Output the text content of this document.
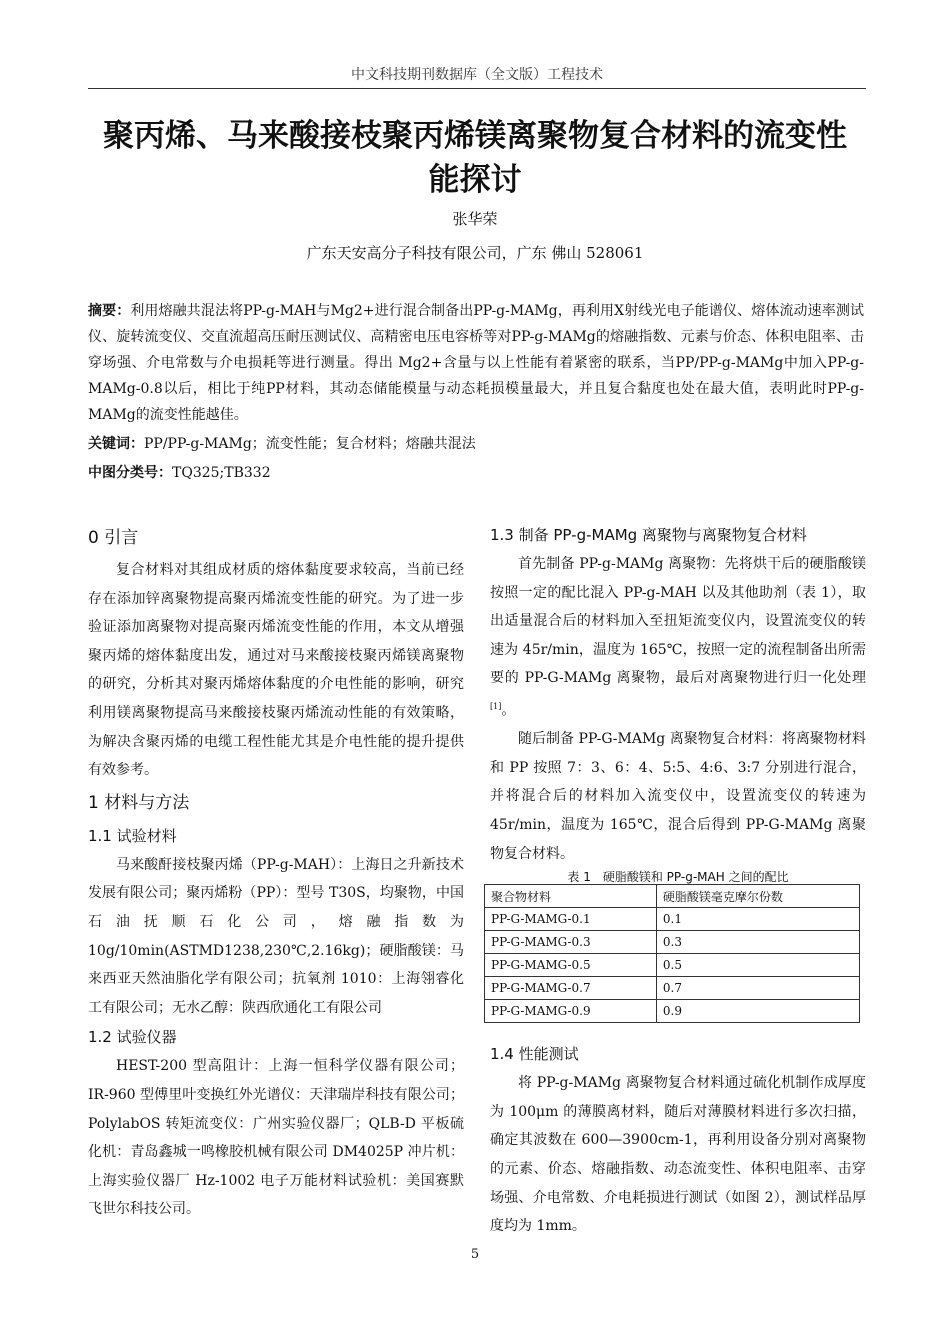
中文科技期刊数据库（全文版）工程技术
聚丙烯、马来酸接枝聚丙烯镁离聚物复合材料的流变性
能探讨
张华荣
广东天安高分子科技有限公司，广东 佛山 528061
摘要：利用熔融共混法将PP-g-MAH与Mg2+进行混合制备出PP-g-MAMg，再利用X射线光电子能谱仪、熔体流动速率测试仪、旋转流变仪、交直流超高压耐压测试仪、高精密电压电容桥等对PP-g-MAMg的熔融指数、元素与价态、体积电阻率、击穿场强、介电常数与介电损耗等进行测量。得出 Mg2+含量与以上性能有着紧密的联系，当PP/PP-g-MAMg中加入PP-g-MAMg-0.8以后，相比于纯PP材料，其动态储能模量与动态耗损模量最大，并且复合黏度也处在最大值，表明此时PP-g-MAMg的流变性能越佳。
关键词：PP/PP-g-MAMg；流变性能；复合材料；熔融共混法
中图分类号：TQ325;TB332
0 引言

复合材料对其组成材质的熔体黏度要求较高，当前已经存在添加锌离聚物提高聚丙烯流变性能的研究。为了进一步验证添加离聚物对提高聚丙烯流变性能的作用，本文从增强聚丙烯的熔体黏度出发，通过对马来酸接枝聚丙烯镁离聚物的研究，分析其对聚丙烯熔体黏度的介电性能的影响，研究利用镁离聚物提高马来酸接枝聚丙烯流动性能的有效策略，为解决含聚丙烯的电缆工程性能尤其是介电性能的提升提供有效参考。

1 材料与方法
1.1 试验材料

马来酸酐接枝聚丙烯（PP-g-MAH）：上海日之升新技术发展有限公司；聚丙烯粉（PP）：型号 T30S，均聚物，中国石油抚顺石化公司，熔融指数为10g/10min(ASTMD1238,230℃,2.16kg)；硬脂酸镁：马来西亚天然油脂化学有限公司；抗氧剂 1010：上海翎睿化工有限公司；无水乙醇：陕西欣通化工有限公司

1.2 试验仪器

HEST-200 型高阻计：上海一恒科学仪器有限公司；IR-960 型傅里叶变换红外光谱仪：天津瑞岸科技有限公司；PolylabOS 转矩流变仪：广州实验仪器厂；QLB-D 平板硫化机：青岛鑫城一鸣橡胶机械有限公司 DM4025P 冲片机：上海实验仪器厂 Hz-1002 电子万能材料试验机：美国赛默飞世尔科技公司。

1.3 制备 PP-g-MAMg 离聚物与离聚物复合材料

首先制备 PP-g-MAMg 离聚物：先将烘干后的硬脂酸镁按照一定的配比混入 PP-g-MAH 以及其他助剂（表 1），取出适量混合后的材料加入至扭矩流变仪内，设置流变仪的转速为 45r/min，温度为 165℃，按照一定的流程制备出所需要的 PP-G-MAMg 离聚物，最后对离聚物进行归一化处理[1]。

随后制备 PP-G-MAMg 离聚物复合材料：将离聚物材料和 PP 按照 7：3、6：4、5:5、4:6、3:7 分别进行混合，并将混合后的材料加入流变仪中，设置流变仪的转速为 45r/min，温度为 165℃，混合后得到 PP-G-MAMg 离聚物复合材料。

表 1　硬脂酸镁和 PP-g-MAH 之间的配比
聚合物材料	硬脂酸镁毫克摩尔份数
PP-G-MAMG-0.1	0.1
PP-G-MAMG-0.3	0.3
PP-G-MAMG-0.5	0.5
PP-G-MAMG-0.7	0.7
PP-G-MAMG-0.9	0.9
1.4 性能测试

将 PP-g-MAMg 离聚物复合材料通过硫化机制作成厚度为 100μm 的薄膜离材料，随后对薄膜材料进行多次扫描，确定其波数在 600—3900cm-1，再利用设备分别对离聚物的元素、价态、熔融指数、动态流变性、体积电阻率、击穿场强、介电常数、介电耗损进行测试（如图 2），测试样品厚度均为 1mm。

5
